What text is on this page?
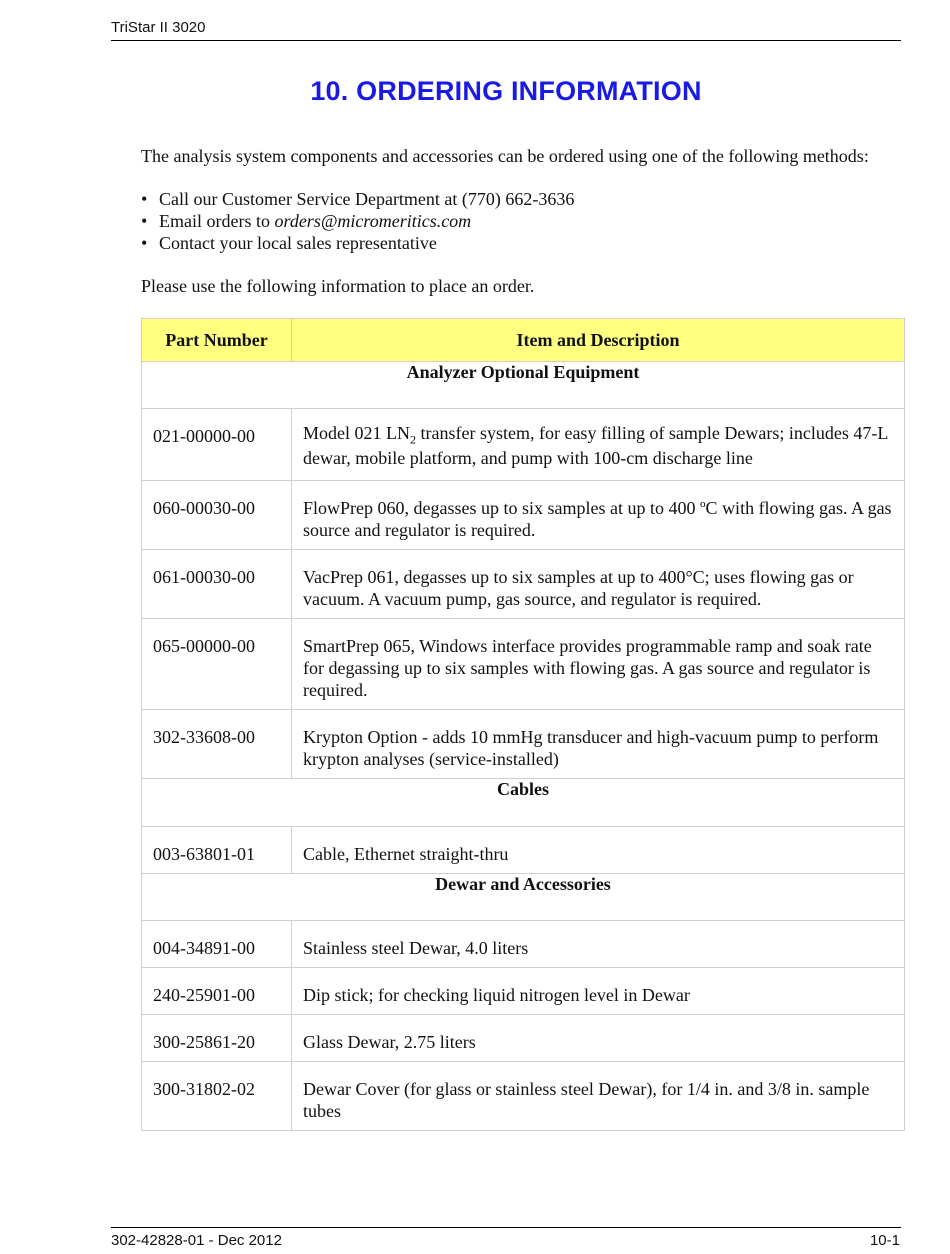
TriStar II 3020
10. ORDERING INFORMATION
The analysis system components and accessories can be ordered using one of the following methods:
• Call our Customer Service Department at (770) 662-3636
• Email orders to orders@micromeritics.com
• Contact your local sales representative
Please use the following information to place an order.
Part Number	Item and Description
Analyzer Optional Equipment	
021-00000-00	Model 021 $LN_2$ transfer system, for easy filling of sample Dewars; includes 47-L dewar, mobile platform, and pump with 100-cm discharge line
060-00030-00	FlowPrep 060, degasses up to six samples at up to 400 ºC with flowing gas. A gas source and regulator is required.
061-00030-00	VacPrep 061, degasses up to six samples at up to 400°C; uses flowing gas or vacuum. A vacuum pump, gas source, and regulator is required.
065-00000-00	SmartPrep 065, Windows interface provides programmable ramp and soak rate for degassing up to six samples with flowing gas. A gas source and regulator is required.
302-33608-00	Krypton Option - adds 10 mmHg transducer and high-vacuum pump to perform krypton analyses (service-installed)
Cables	
003-63801-01	Cable, Ethernet straight-thru
Dewar and Accessories	
004-34891-00	Stainless steel Dewar, 4.0 liters
240-25901-00	Dip stick; for checking liquid nitrogen level in Dewar
300-25861-20	Glass Dewar, 2.75 liters
300-31802-02	Dewar Cover (for glass or stainless steel Dewar), for 1/4 in. and 3/8 in. sample tubes
302-42828-01 - Dec 2012	10-1
